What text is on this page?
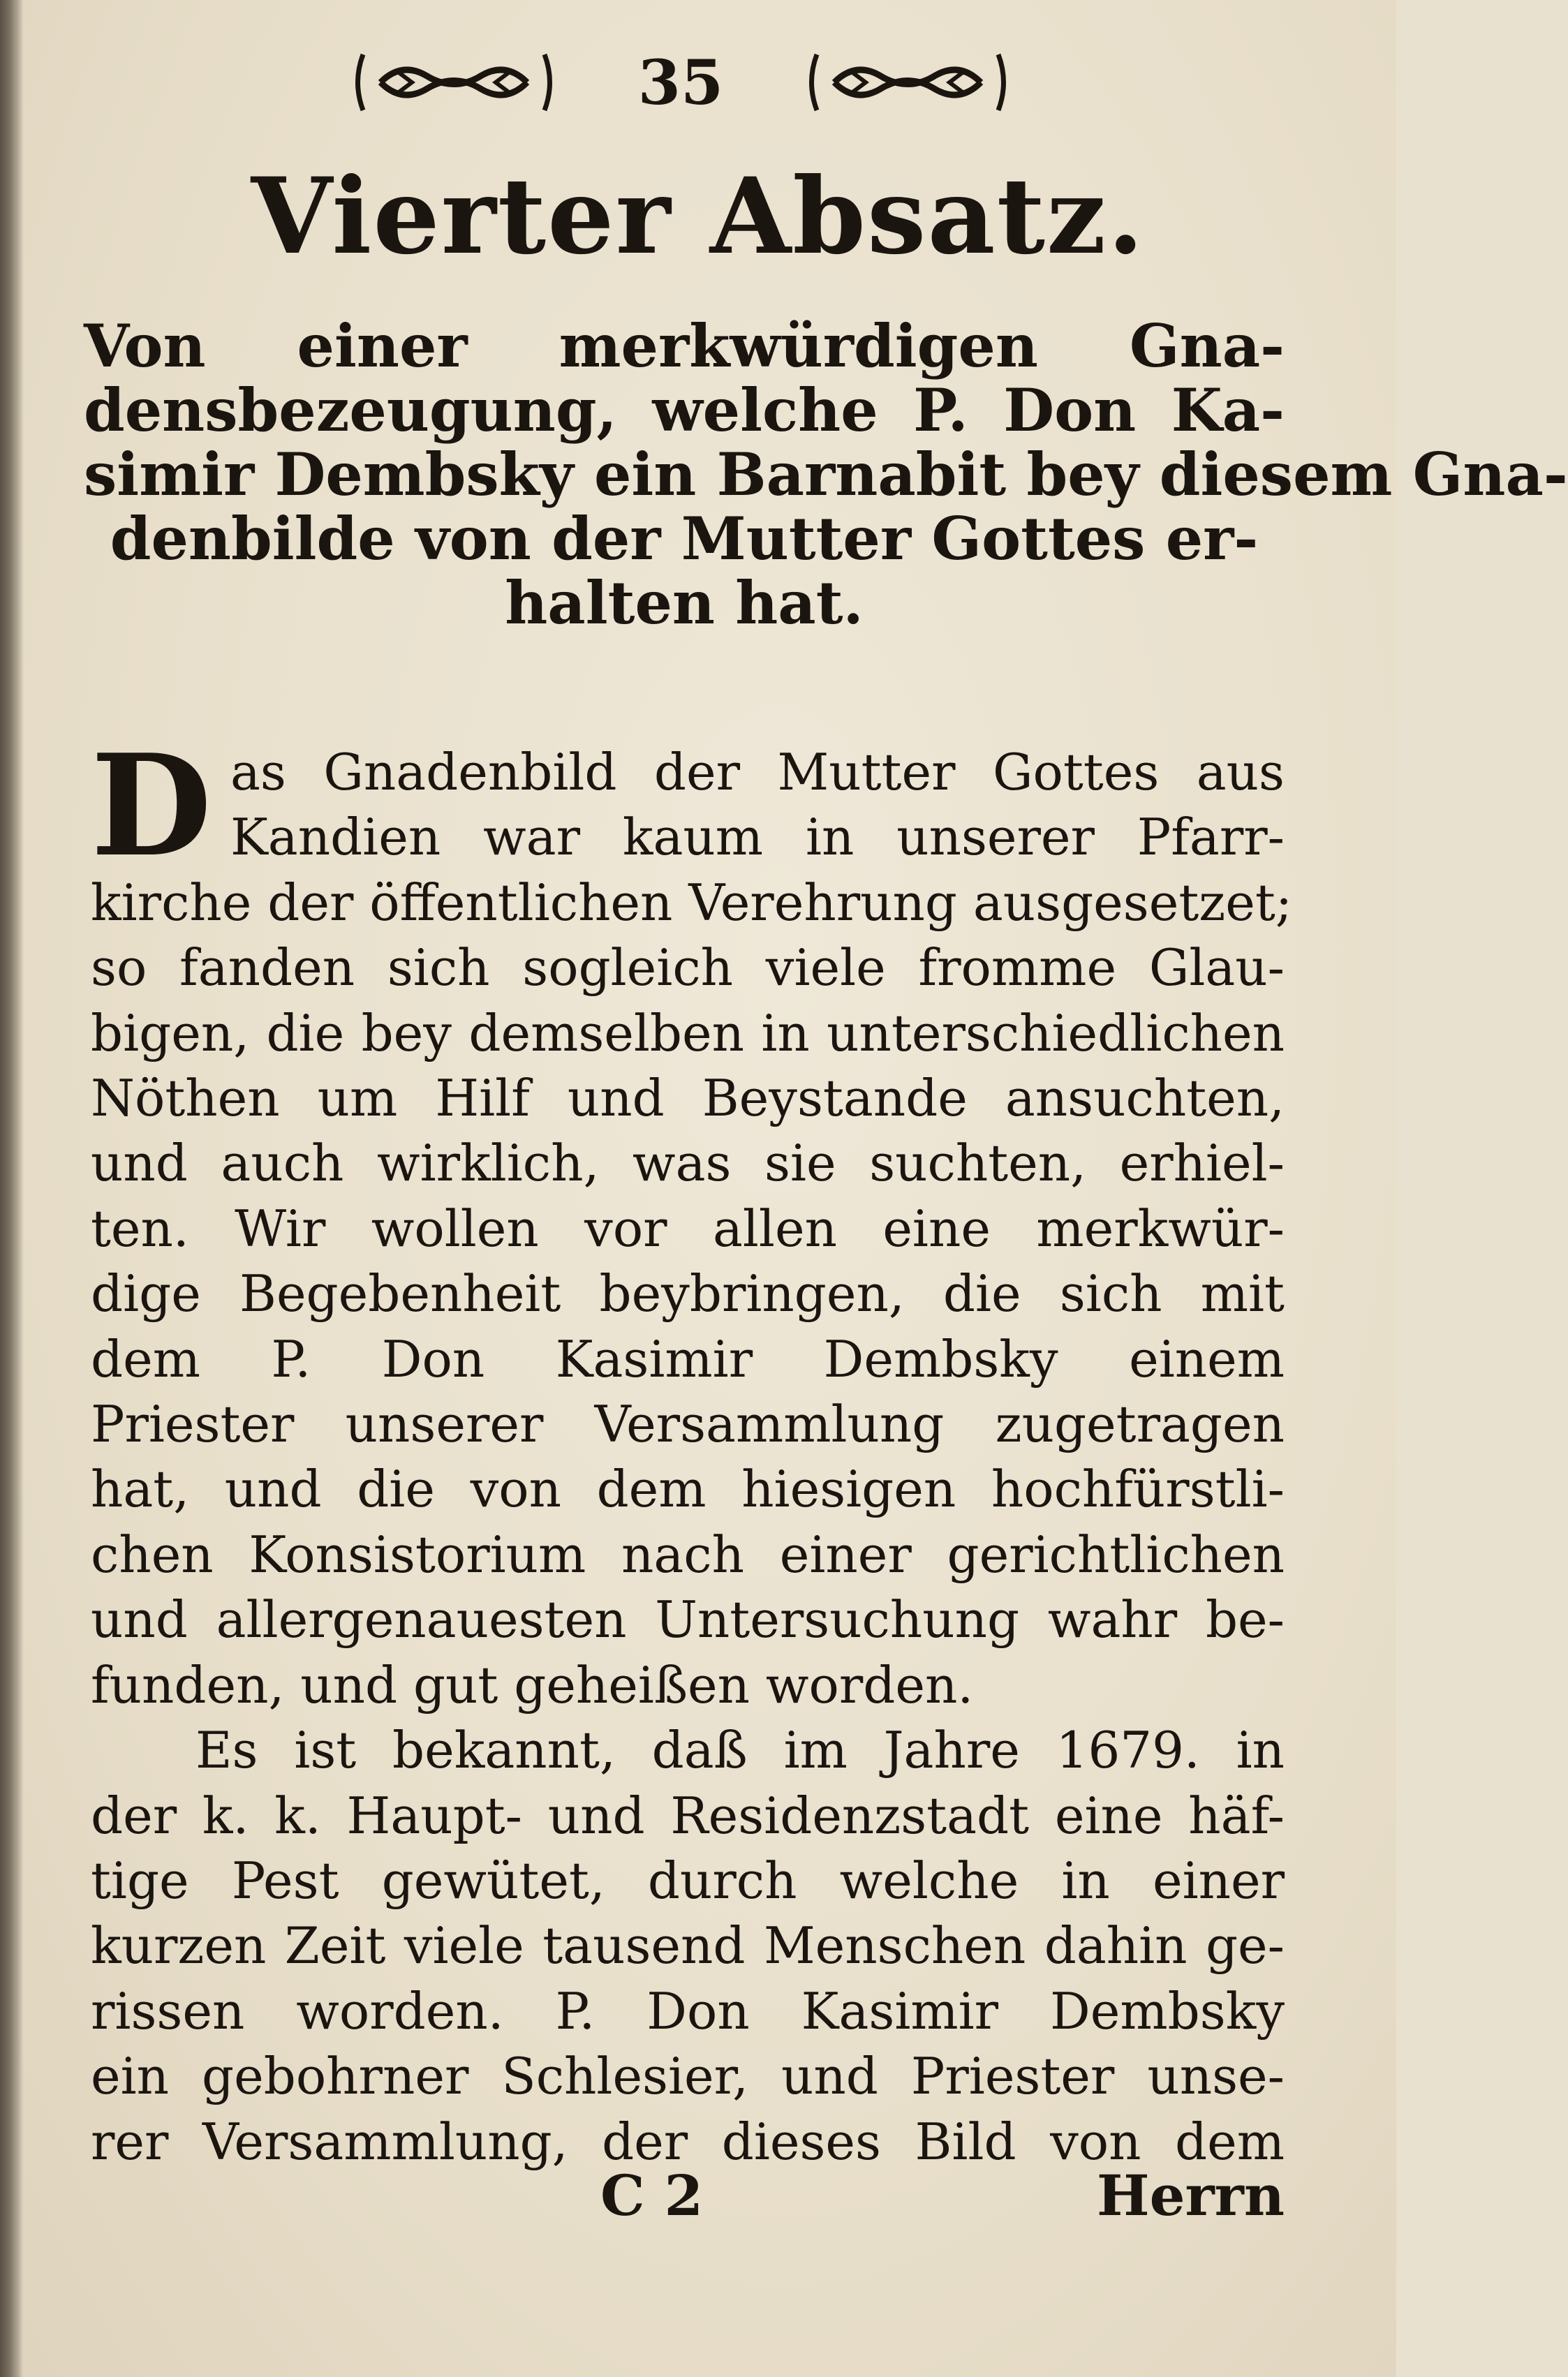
35
Vierter Absatz.
Von einer merkwürdigen Gna-
densbezeugung, welche P. Don Ka-
simir Dembsky ein Barnabit bey diesem Gna-
denbilde von der Mutter Gottes er-
halten hat.
D as Gnadenbild der Mutter Gottes aus
Kandien war kaum in unserer Pfarr-
kirche der öffentlichen Verehrung ausgesetzet;
so fanden sich sogleich viele fromme Glau-
bigen, die bey demselben in unterschiedlichen
Nöthen um Hilf und Beystande ansuchten,
und auch wirklich, was sie suchten, erhiel-
ten. Wir wollen vor allen eine merkwür-
dige Begebenheit beybringen, die sich mit
dem P. Don Kasimir Dembsky einem
Priester unserer Versammlung zugetragen
hat, und die von dem hiesigen hochfürstli-
chen Konsistorium nach einer gerichtlichen
und allergenauesten Untersuchung wahr be-
funden, und gut geheißen worden.
Es ist bekannt, daß im Jahre 1679. in
der k. k. Haupt- und Residenzstadt eine häf-
tige Pest gewütet, durch welche in einer
kurzen Zeit viele tausend Menschen dahin ge-
rissen worden. P. Don Kasimir Dembsky
ein gebohrner Schlesier, und Priester unse-
rer Versammlung, der dieses Bild von dem
C 2	Herrn
